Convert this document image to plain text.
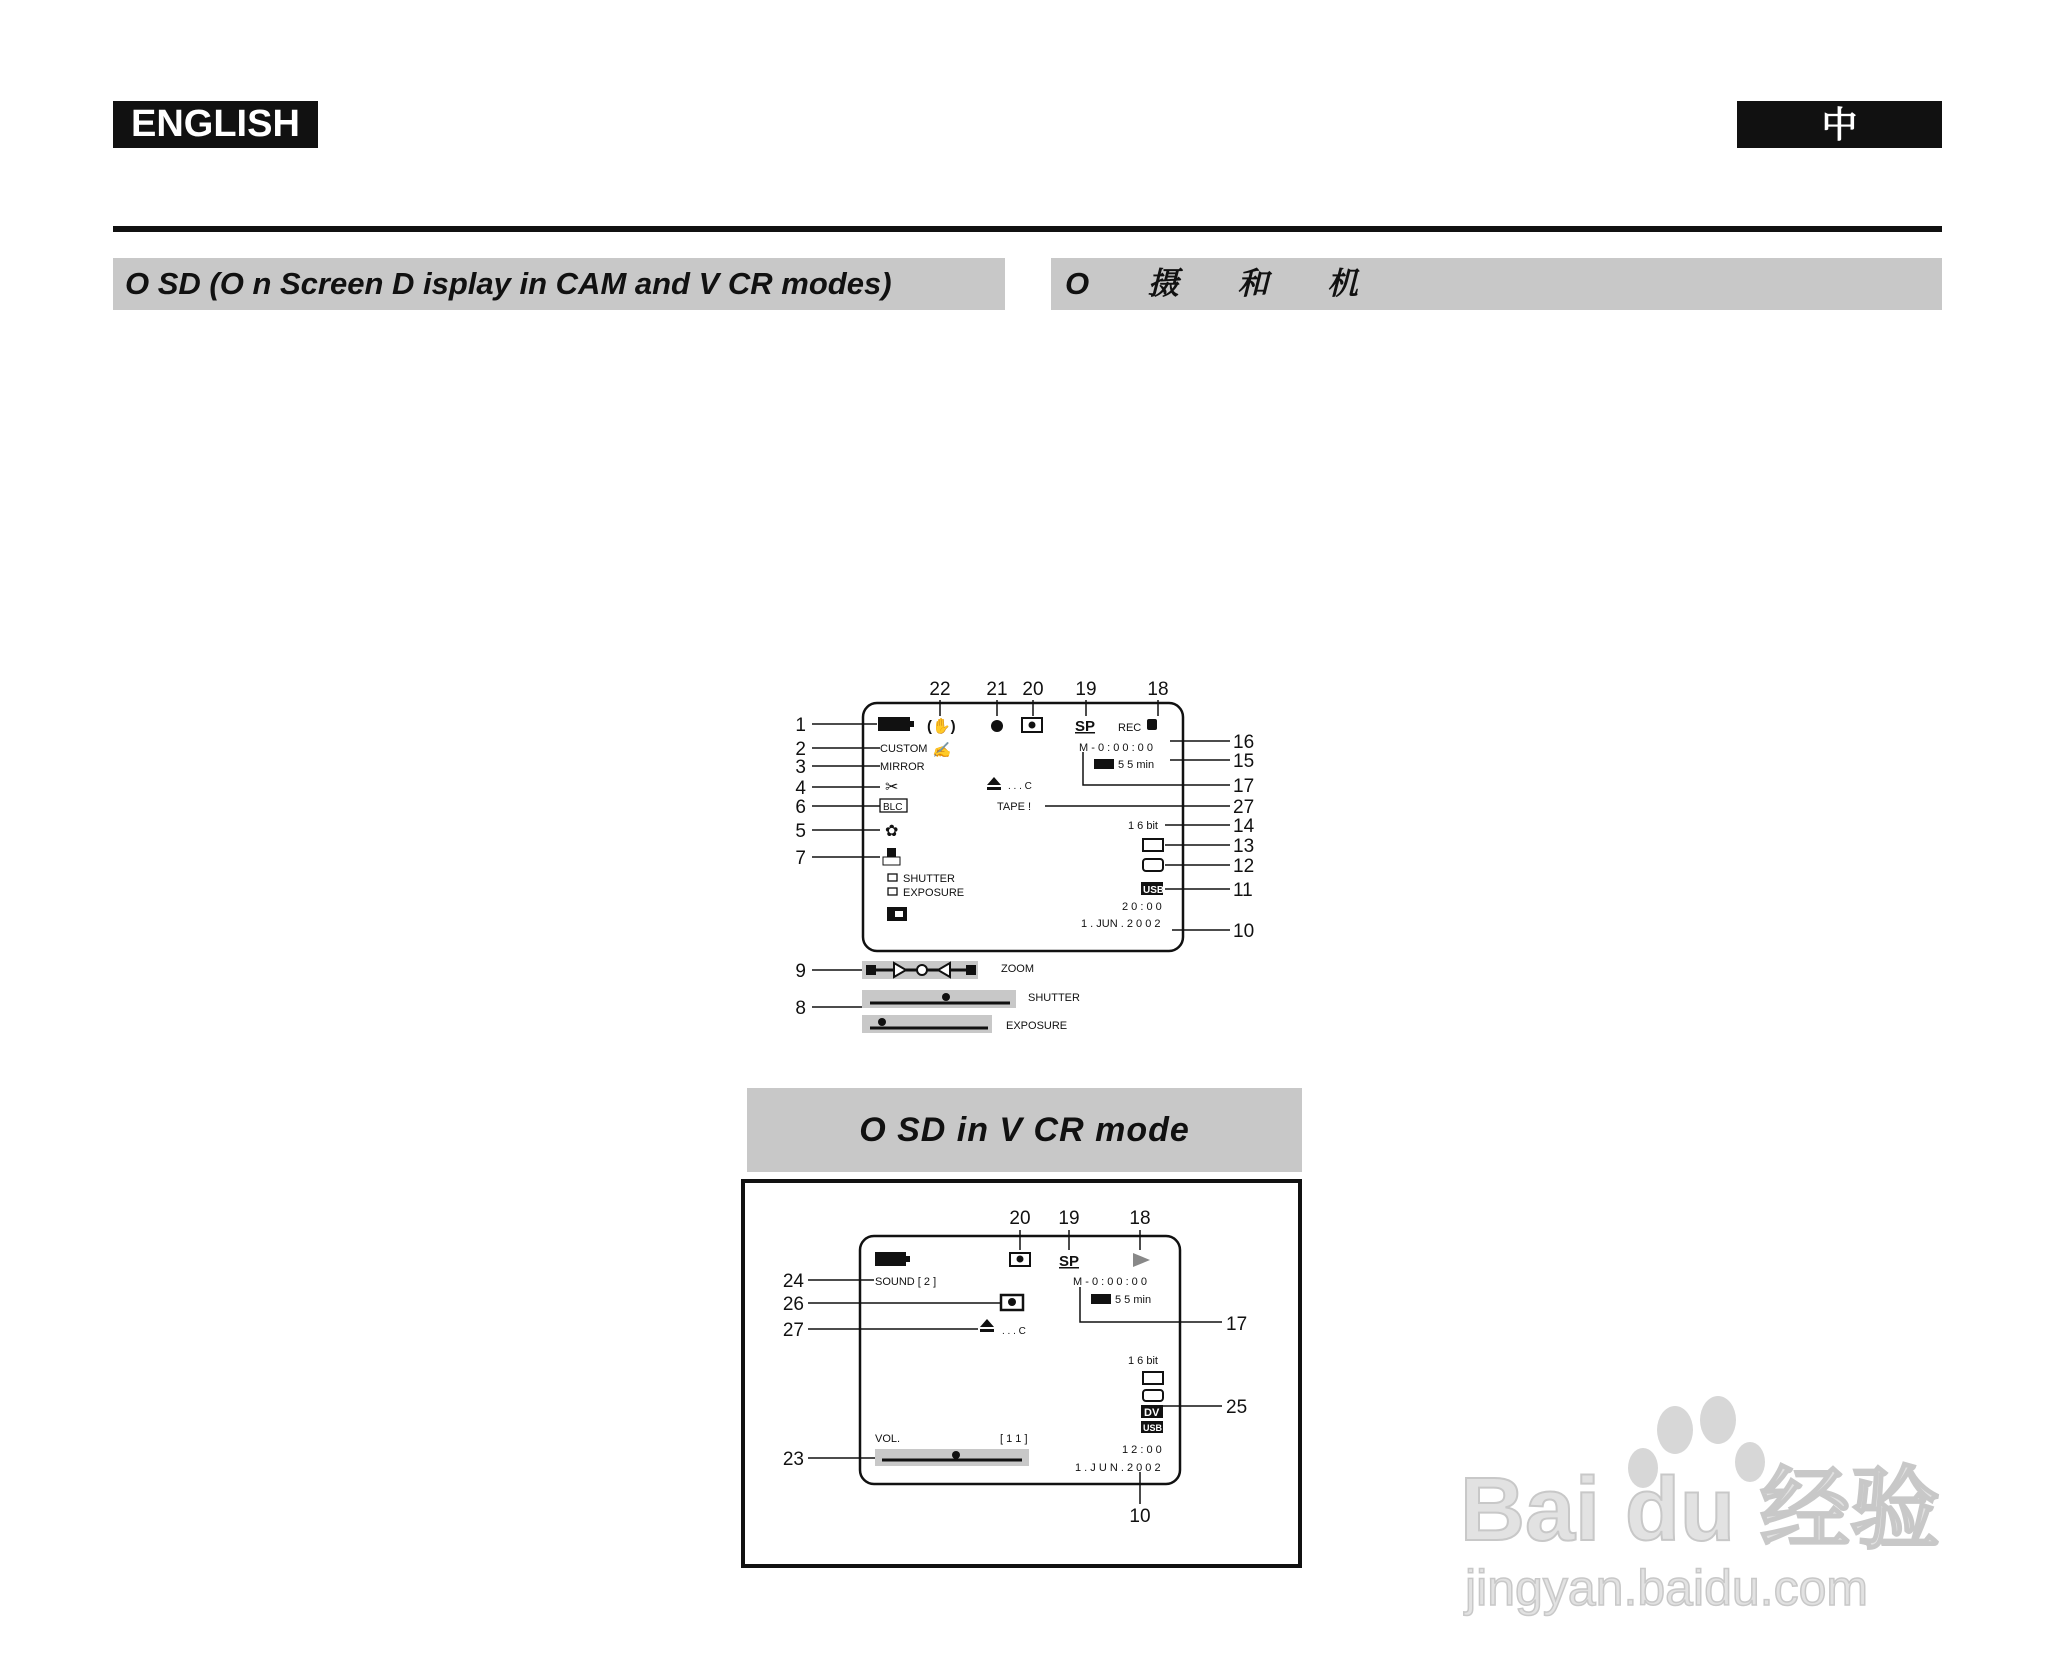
ENGLISH	中
O SD (O n Screen D isplay in CAM and V CR modes)	O 摄 和 机
O SD in V CR mode
22 21 20 19	18
1
2
3
4
6
5
7
16
15
17
27
14
13
12
11
10
(✋)	SP REC
CUSTOM ✍
MIRROR
✂
BLC
✿
SHUTTER
EXPOSURE
M - 0 : 0 0 : 0 0
5 5 min
. . . C
TAPE !
1 6 bit
USB
2 0 : 0 0
1 . JUN . 2 0 0 2
9
8
ZOOM
SHUTTER
EXPOSURE
20 19	18
24
26
27
23
17
25
10
SP
SOUND [ 2 ]	M - 0 : 0 0 : 0 0
5 5 min
. . . C
1 6 bit
DV
USB
VOL.	[ 1 1 ]
1 2 : 0 0
1 . J U N . 2 0 0 2	Bai du 经验
jingyan.baidu.com
